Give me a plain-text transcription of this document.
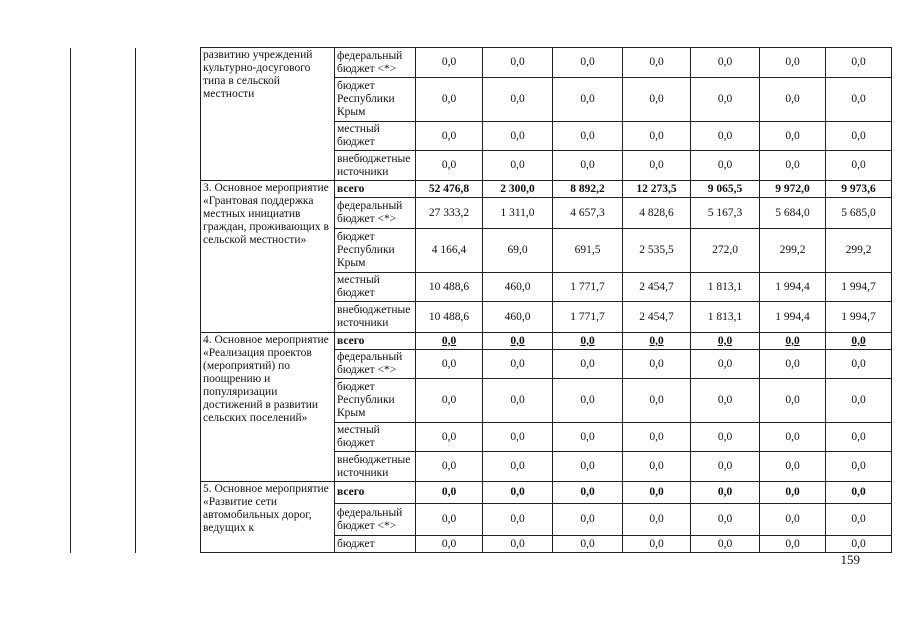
		развитию учреждений культурно-досугового типа в сельской местности	федеральный бюджет <*>	0,0	0,0	0,0	0,0	0,0	0,0	0,0
			бюджет Республики Крым	0,0	0,0	0,0	0,0	0,0	0,0	0,0
			местный бюджет	0,0	0,0	0,0	0,0	0,0	0,0	0,0
			внебюджетные источники	0,0	0,0	0,0	0,0	0,0	0,0	0,0
		3. Основное мероприятие «Грантовая поддержка местных инициатив граждан, проживающих в сельской местности»	всего	52 476,8	2 300,0	8 892,2	12 273,5	9 065,5	9 972,0	9 973,6
			федеральный бюджет <*>	27 333,2	1 311,0	4 657,3	4 828,6	5 167,3	5 684,0	5 685,0
			бюджет Республики Крым	4 166,4	69,0	691,5	2 535,5	272,0	299,2	299,2
			местный бюджет	10 488,6	460,0	1 771,7	2 454,7	1 813,1	1 994,4	1 994,7
			внебюджетные источники	10 488,6	460,0	1 771,7	2 454,7	1 813,1	1 994,4	1 994,7
		4. Основное мероприятие «Реализация проектов (мероприятий) по поощрению и популяризации достижений в развитии сельских поселений»	всего	0,0	0,0	0,0	0,0	0,0	0,0	0,0
			федеральный бюджет <*>	0,0	0,0	0,0	0,0	0,0	0,0	0,0
			бюджет Республики Крым	0,0	0,0	0,0	0,0	0,0	0,0	0,0
			местный бюджет	0,0	0,0	0,0	0,0	0,0	0,0	0,0
			внебюджетные источники	0,0	0,0	0,0	0,0	0,0	0,0	0,0
		5. Основное мероприятие «Развитие сети автомобильных дорог, ведущих к	всего	0,0	0,0	0,0	0,0	0,0	0,0	0,0
			федеральный бюджет <*>	0,0	0,0	0,0	0,0	0,0	0,0	0,0
			бюджет	0,0	0,0	0,0	0,0	0,0	0,0	0,0
159
